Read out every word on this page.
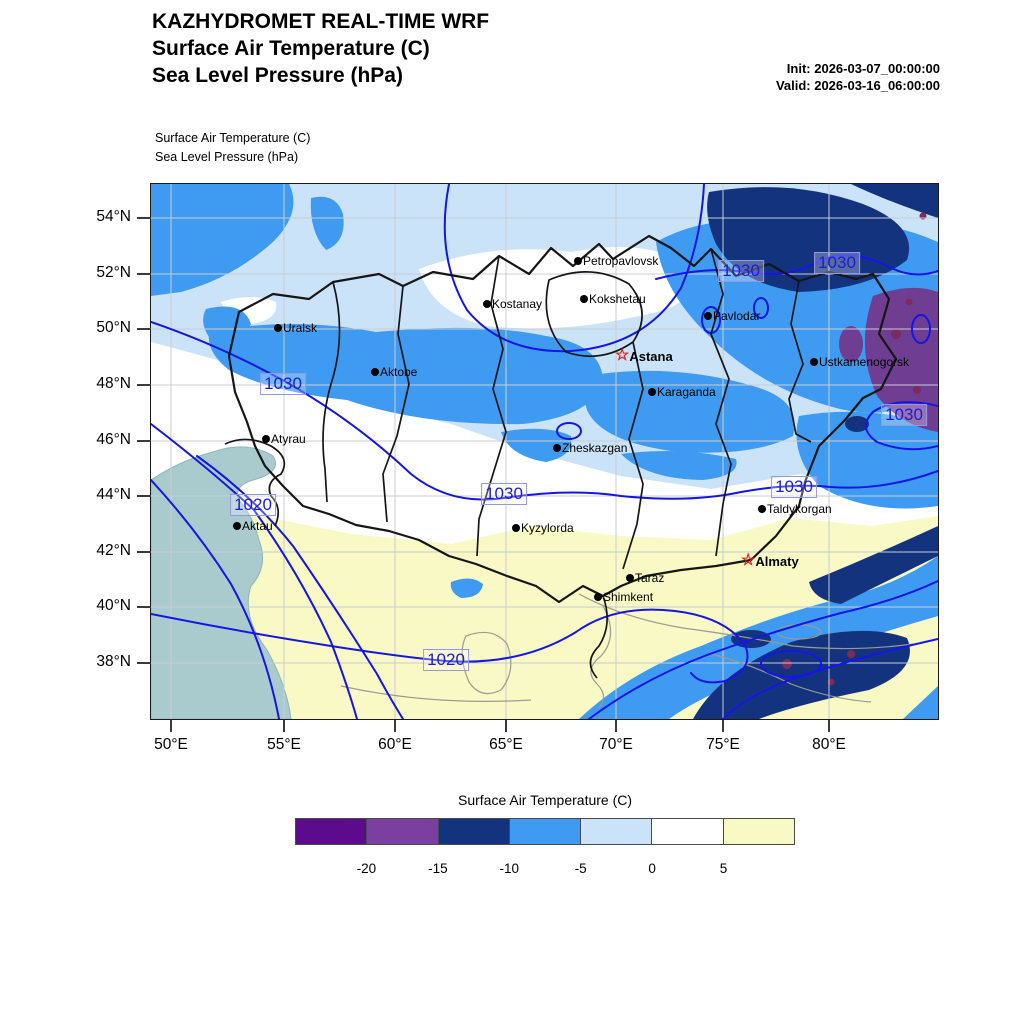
KAZHYDROMET REAL-TIME WRF
Surface Air Temperature (C)
Sea Level Pressure (hPa)	Init: 2026-03-07_00:00:00
Valid: 2026-03-16_06:00:00
Surface Air Temperature (C)
Sea Level Pressure (hPa)
Petropavlovsk
Kostanay	Kokshetau
Pavlodar
Uralsk
☆ Astana
Aktobe
Ustkamenogorsk
Karaganda
Atyrau
Zheskazgan
Taldykorgan
Aktau	Kyzylorda
☆ Almaty
Taraz
Shimkent
1030
1030	1030
1030
1030	1030
1020
1020
54°N
52°N
50°N
48°N
46°N
44°N
42°N
40°N
38°N
50°E	55°E	60°E	65°E	70°E	75°E	80°E
Surface Air Temperature (C)
-20	-15	-10	-5	0	5
